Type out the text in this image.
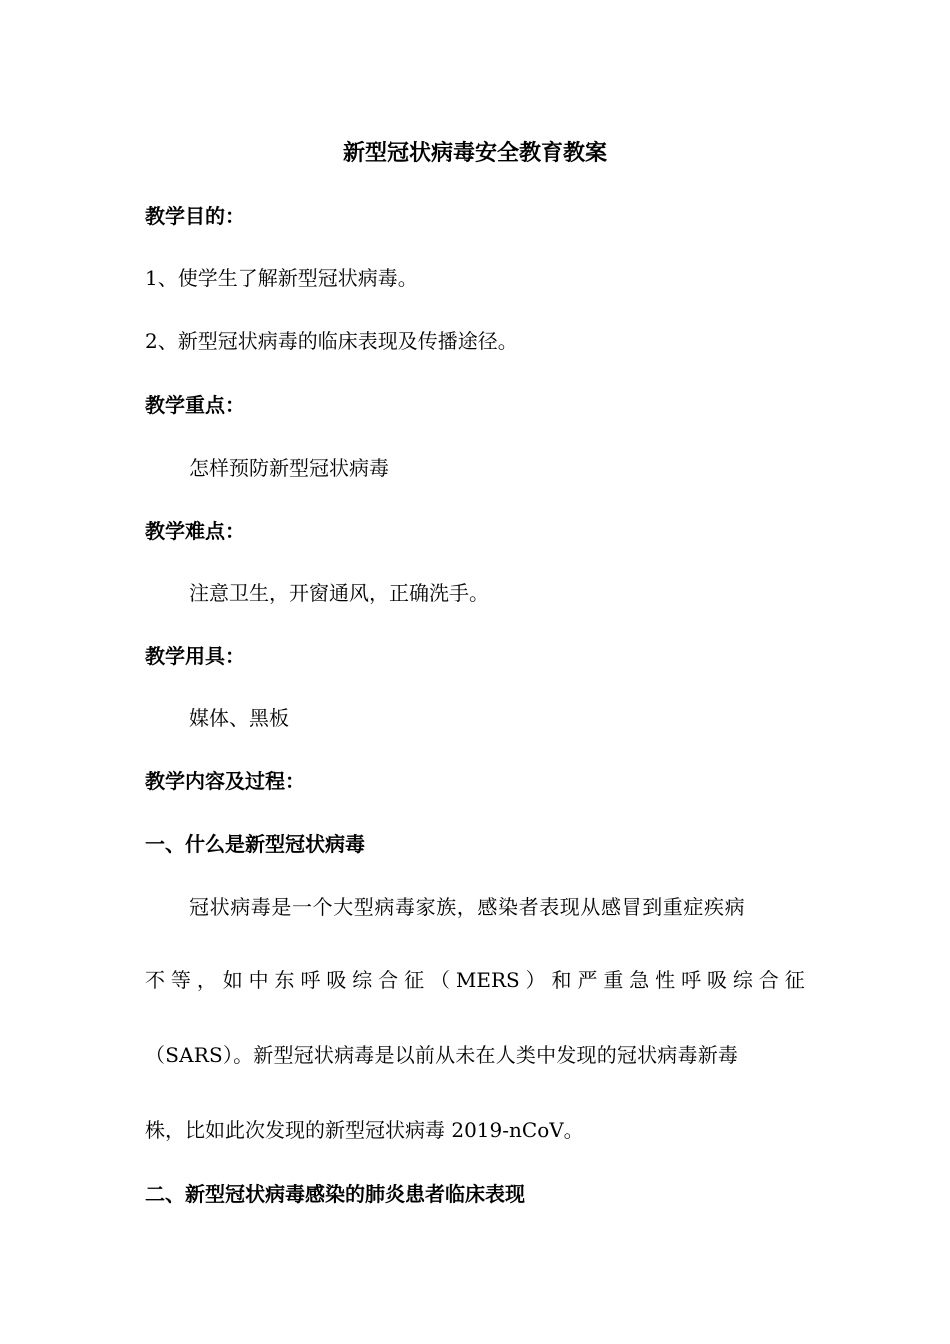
新型冠状病毒安全教育教案
教学目的：
1、使学生了解新型冠状病毒。
2、新型冠状病毒的临床表现及传播途径。
教学重点：
怎样预防新型冠状病毒
教学难点：
注意卫生，开窗通风，正确洗手。
教学用具：
媒体、黑板
教学内容及过程：
一、什么是新型冠状病毒
冠状病毒是一个大型病毒家族，感染者表现从感冒到重症疾病
不 等 ， 如 中 东 呼 吸 综 合 征 （ MERS ） 和 严 重 急 性 呼 吸 综 合 征
（SARS）。新型冠状病毒是以前从未在人类中发现的冠状病毒新毒
株，比如此次发现的新型冠状病毒 2019-nCoV。
二、新型冠状病毒感染的肺炎患者临床表现
